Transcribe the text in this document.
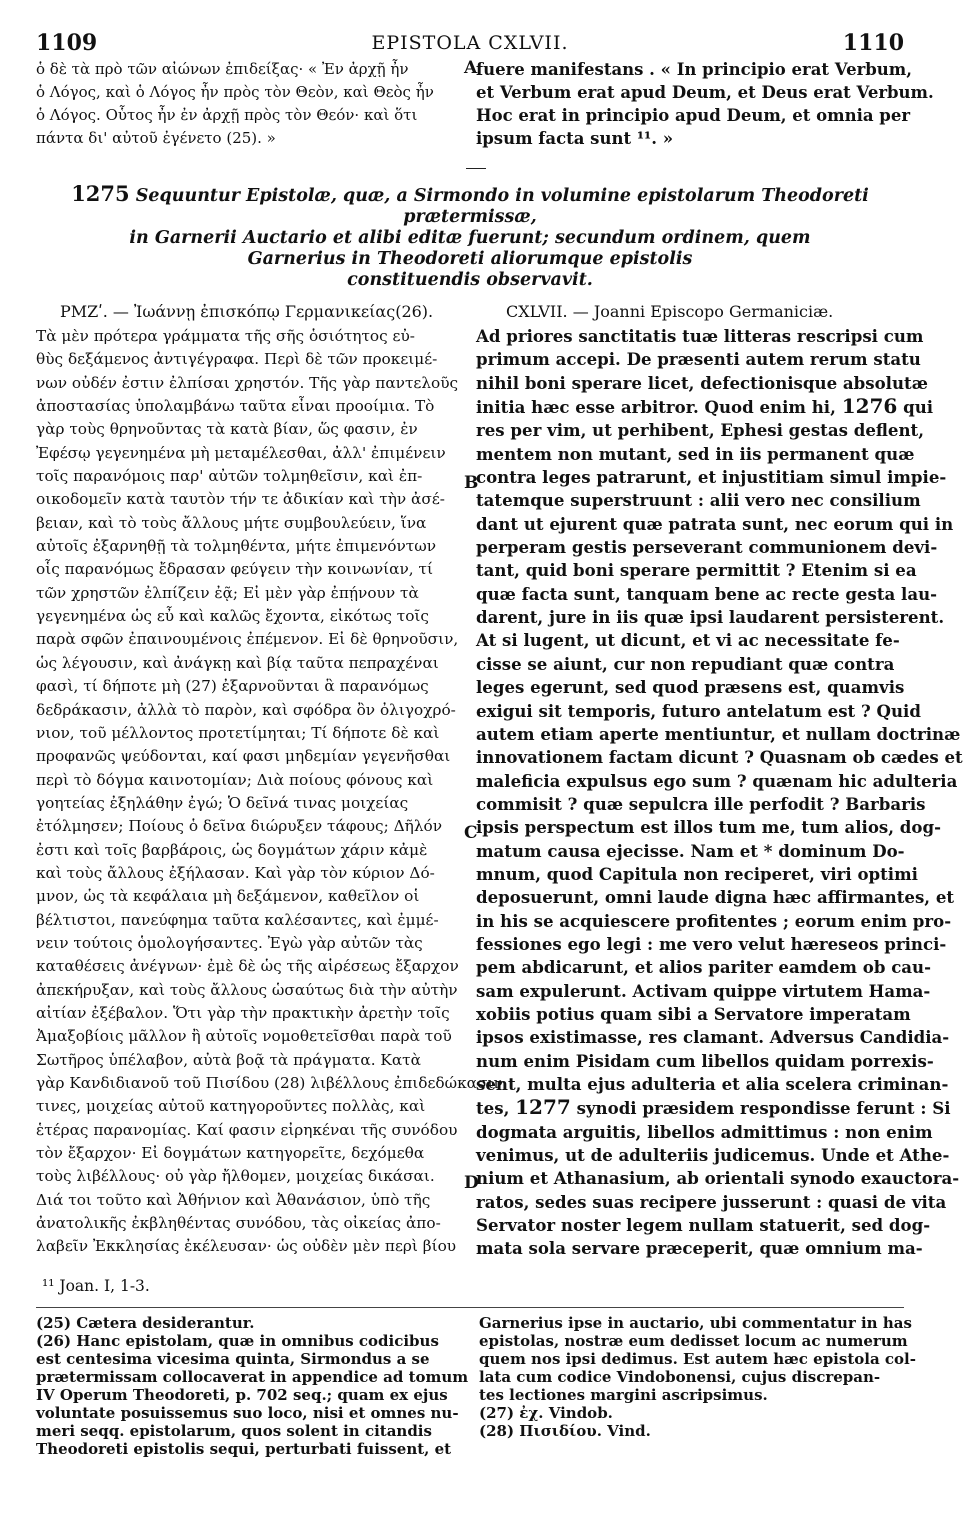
1109	EPISTOLA CXLVII.	1110
ὁ δὲ τὰ πρὸ τῶν αἰώνων ἐπιδείξας· « Ἐν ἀρχῇ ἦν
ὁ Λόγος, καὶ ὁ Λόγος ἦν πρὸς τὸν Θεὸν, καὶ Θεὸς ἦν
ὁ Λόγος. Οὗτος ἦν ἐν ἀρχῇ πρὸς τὸν Θεόν· καὶ ὅτι
πάντα δι' αὐτοῦ ἐγένετο (25). »
A
fuere manifestans . « In principio erat Verbum,
et Verbum erat apud Deum, et Deus erat Verbum.
Hoc erat in principio apud Deum, et omnia per
ipsum facta sunt ¹¹. »
1275 Sequuntur Epistolæ, quæ, a Sirmondo in volumine epistolarum Theodoreti prætermissæ,
in Garnerii Auctario et alibi editæ fuerunt; secundum ordinem, quem
Garnerius in Theodoreti aliorumque epistolis
constituendis observavit.
ΡΜΖʹ. — Ἰωάννῃ ἐπισκόπῳ Γερμανικείας(26).	CXLVII. — Joanni Episcopo Germaniciæ.
Τὰ μὲν πρότερα γράμματα τῆς σῆς ὁσιότητος εὐ-
θὺς δεξάμενος ἀντιγέγραφα. Περὶ δὲ τῶν προκειμέ-
νων οὐδέν ἐστιν ἐλπίσαι χρηστόν. Τῆς γὰρ παντελοῦς
ἀποστασίας ὑπολαμβάνω ταῦτα εἶναι προοίμια. Τὸ
γὰρ τοὺς θρηνοῦντας τὰ κατὰ βίαν, ὥς φασιν, ἐν
Ἐφέσῳ γεγενημένα μὴ μεταμέλεσθαι, ἀλλ' ἐπιμένειν
τοῖς παρανόμοις παρ' αὐτῶν τολμηθεῖσιν, καὶ ἐπ-
οικοδομεῖν κατὰ ταυτὸν τήν τε ἀδικίαν καὶ τὴν ἀσέ-
βειαν, καὶ τὸ τοὺς ἄλλους μήτε συμβουλεύειν, ἵνα
αὐτοῖς ἐξαρνηθῇ τὰ τολμηθέντα, μήτε ἐπιμενόντων
οἷς παρανόμως ἔδρασαν φεύγειν τὴν κοινωνίαν, τί
τῶν χρηστῶν ἐλπίζειν ἐᾷ; Εἰ μὲν γὰρ ἐπῄνουν τὰ
γεγενημένα ὡς εὖ καὶ καλῶς ἔχοντα, εἰκότως τοῖς
παρὰ σφῶν ἐπαινουμένοις ἐπέμενον. Εἰ δὲ θρηνοῦσιν,
ὡς λέγουσιν, καὶ ἀνάγκῃ καὶ βίᾳ ταῦτα πεπραχέναι
φασὶ, τί δήποτε μὴ (27) ἐξαρνοῦνται ἃ παρανόμως
δεδράκασιν, ἀλλὰ τὸ παρὸν, καὶ σφόδρα ὂν ὀλιγοχρό-
νιον, τοῦ μέλλοντος προτετίμηται; Τί δήποτε δὲ καὶ
προφανῶς ψεύδονται, καί φασι μηδεμίαν γεγενῆσθαι
περὶ τὸ δόγμα καινοτομίαν; Διὰ ποίους φόνους καὶ
γοητείας ἐξηλάθην ἐγώ; Ὁ δεῖνά τινας μοιχείας
ἐτόλμησεν; Ποίους ὁ δεῖνα διώρυξεν τάφους; Δῆλόν
ἐστι καὶ τοῖς βαρβάροις, ὡς δογμάτων χάριν κἀμὲ
καὶ τοὺς ἄλλους ἐξήλασαν. Καὶ γὰρ τὸν κύριον Δό-
μνον, ὡς τὰ κεφάλαια μὴ δεξάμενον, καθεῖλον οἱ
βέλτιστοι, πανεύφημα ταῦτα καλέσαντες, καὶ ἐμμέ-
νειν τούτοις ὁμολογήσαντες. Ἐγὼ γὰρ αὐτῶν τὰς
καταθέσεις ἀνέγνων· ἐμὲ δὲ ὡς τῆς αἱρέσεως ἔξαρχον
ἀπεκήρυξαν, καὶ τοὺς ἄλλους ὡσαύτως διὰ τὴν αὐτὴν
αἰτίαν ἐξέβαλον. Ὅτι γὰρ τὴν πρακτικὴν ἀρετὴν τοῖς
Ἀμαξοβίοις μᾶλλον ἢ αὐτοῖς νομοθετεῖσθαι παρὰ τοῦ
Σωτῆρος ὑπέλαβον, αὐτὰ βοᾷ τὰ πράγματα. Κατὰ
γὰρ Κανδιδιανοῦ τοῦ Πισίδου (28) λιβέλλους ἐπιδεδώκασιν
τινες, μοιχείας αὐτοῦ κατηγοροῦντες πολλὰς, καὶ
ἑτέρας παρανομίας. Καί φασιν εἰρηκέναι τῆς συνόδου
τὸν ἔξαρχον· Εἰ δογμάτων κατηγορεῖτε, δεχόμεθα
τοὺς λιβέλλους· οὐ γὰρ ἤλθομεν, μοιχείας δικάσαι.
Διά τοι τοῦτο καὶ Ἀθήνιον καὶ Ἀθανάσιον, ὑπὸ τῆς
ἀνατολικῆς ἐκβληθέντας συνόδου, τὰς οἰκείας ἀπο-
λαβεῖν Ἐκκλησίας ἐκέλευσαν· ὡς οὐδὲν μὲν περὶ βίου
B
C
D
Ad priores sanctitatis tuæ litteras rescripsi cum
primum accepi. De præsenti autem rerum statu
nihil boni sperare licet, defectionisque absolutæ
initia hæc esse arbitror. Quod enim hi, 1276 qui
res per vim, ut perhibent, Ephesi gestas deflent,
mentem non mutant, sed in iis permanent quæ
contra leges patrarunt, et injustitiam simul impie-
tatemque superstruunt : alii vero nec consilium
dant ut ejurent quæ patrata sunt, nec eorum qui in
perperam gestis perseverant communionem devi-
tant, quid boni sperare permittit ? Etenim si ea
quæ facta sunt, tanquam bene ac recte gesta lau-
darent, jure in iis quæ ipsi laudarent persisterent.
At si lugent, ut dicunt, et vi ac necessitate fe-
cisse se aiunt, cur non repudiant quæ contra
leges egerunt, sed quod præsens est, quamvis
exigui sit temporis, futuro antelatum est ? Quid
autem etiam aperte mentiuntur, et nullam doctrinæ
innovationem factam dicunt ? Quasnam ob cædes et
maleficia expulsus ego sum ? quænam hic adulteria
commisit ? quæ sepulcra ille perfodit ? Barbaris
ipsis perspectum est illos tum me, tum alios, dog-
matum causa ejecisse. Nam et * dominum Do-
mnum, quod Capitula non reciperet, viri optimi
deposuerunt, omni laude digna hæc affirmantes, et
in his se acquiescere profitentes ; eorum enim pro-
fessiones ego legi : me vero velut hæreseos princi-
pem abdicarunt, et alios pariter eamdem ob cau-
sam expulerunt. Activam quippe virtutem Hama-
xobiis potius quam sibi a Servatore imperatam
ipsos existimasse, res clamant. Adversus Candidia-
num enim Pisidam cum libellos quidam porrexis-
sent, multa ejus adulteria et alia scelera criminan-
tes, 1277 synodi præsidem respondisse ferunt : Si
dogmata arguitis, libellos admittimus : non enim
venimus, ut de adulteriis judicemus. Unde et Athe-
nium et Athanasium, ab orientali synodo exauctora-
ratos, sedes suas recipere jusserunt : quasi de vita
Servator noster legem nullam statuerit, sed dog-
mata sola servare præceperit, quæ omnium ma-
¹¹ Joan. I, 1-3.
(25) Cætera desiderantur.
(26) Hanc epistolam, quæ in omnibus codicibus
est centesima vicesima quinta, Sirmondus a se
prætermissam collocaverat in appendice ad tomum
IV Operum Theodoreti, p. 702 seq.; quam ex ejus
voluntate posuissemus suo loco, nisi et omnes nu-
meri seqq. epistolarum, quos solent in citandis
Theodoreti epistolis sequi, perturbati fuissent, et
Garnerius ipse in auctario, ubi commentatur in has
epistolas, nostræ eum dedisset locum ac numerum
quem nos ipsi dedimus. Est autem hæc epistola col-
lata cum codice Vindobonensi, cujus discrepan-
tes lectiones margini ascripsimus.
(27) ἐχ. Vindob.
(28) Πισιδίου. Vind.
